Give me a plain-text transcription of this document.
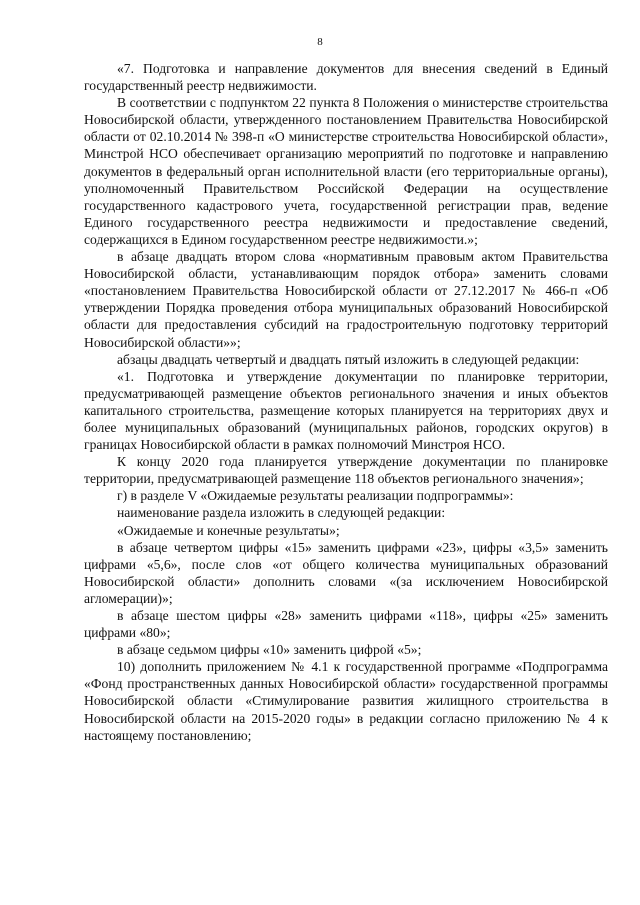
8

«7. Подготовка и направление документов для внесения сведений в Единый государственный реестр недвижимости.

В соответствии с подпунктом 22 пункта 8 Положения о министерстве строительства Новосибирской области, утвержденного постановлением Правительства Новосибирской области от 02.10.2014 № 398-п «О министерстве строительства Новосибирской области», Минстрой НСО обеспечивает организацию мероприятий по подготовке и направлению документов в федеральный орган исполнительной власти (его территориальные органы), уполномоченный Правительством Российской Федерации на осуществление государственного кадастрового учета, государственной регистрации прав, ведение Единого государственного реестра недвижимости и предоставление сведений, содержащихся в Едином государственном реестре недвижимости.»;

в абзаце двадцать втором слова «нормативным правовым актом Правительства Новосибирской области, устанавливающим порядок отбора» заменить словами «постановлением Правительства Новосибирской области от 27.12.2017 № 466-п «Об утверждении Порядка проведения отбора муниципальных образований Новосибирской области для предоставления субсидий на градостроительную подготовку территорий Новосибирской области»»;

абзацы двадцать четвертый и двадцать пятый изложить в следующей редакции:

«1. Подготовка и утверждение документации по планировке территории, предусматривающей размещение объектов регионального значения и иных объектов капитального строительства, размещение которых планируется на территориях двух и более муниципальных образований (муниципальных районов, городских округов) в границах Новосибирской области в рамках полномочий Минстроя НСО.

К концу 2020 года планируется утверждение документации по планировке территории, предусматривающей размещение 118 объектов регионального значения»;

г) в разделе V «Ожидаемые результаты реализации подпрограммы»:

наименование раздела изложить в следующей редакции:

«Ожидаемые и конечные результаты»;

в абзаце четвертом цифры «15» заменить цифрами «23», цифры «3,5» заменить цифрами «5,6», после слов «от общего количества муниципальных образований Новосибирской области» дополнить словами «(за исключением Новосибирской агломерации)»;

в абзаце шестом цифры «28» заменить цифрами «118», цифры «25» заменить цифрами «80»;

в абзаце седьмом цифры «10» заменить цифрой «5»;

10) дополнить приложением № 4.1 к государственной программе «Подпрограмма «Фонд пространственных данных Новосибирской области» государственной программы Новосибирской области «Стимулирование развития жилищного строительства в Новосибирской области на 2015-2020 годы» в редакции согласно приложению № 4 к настоящему постановлению;
